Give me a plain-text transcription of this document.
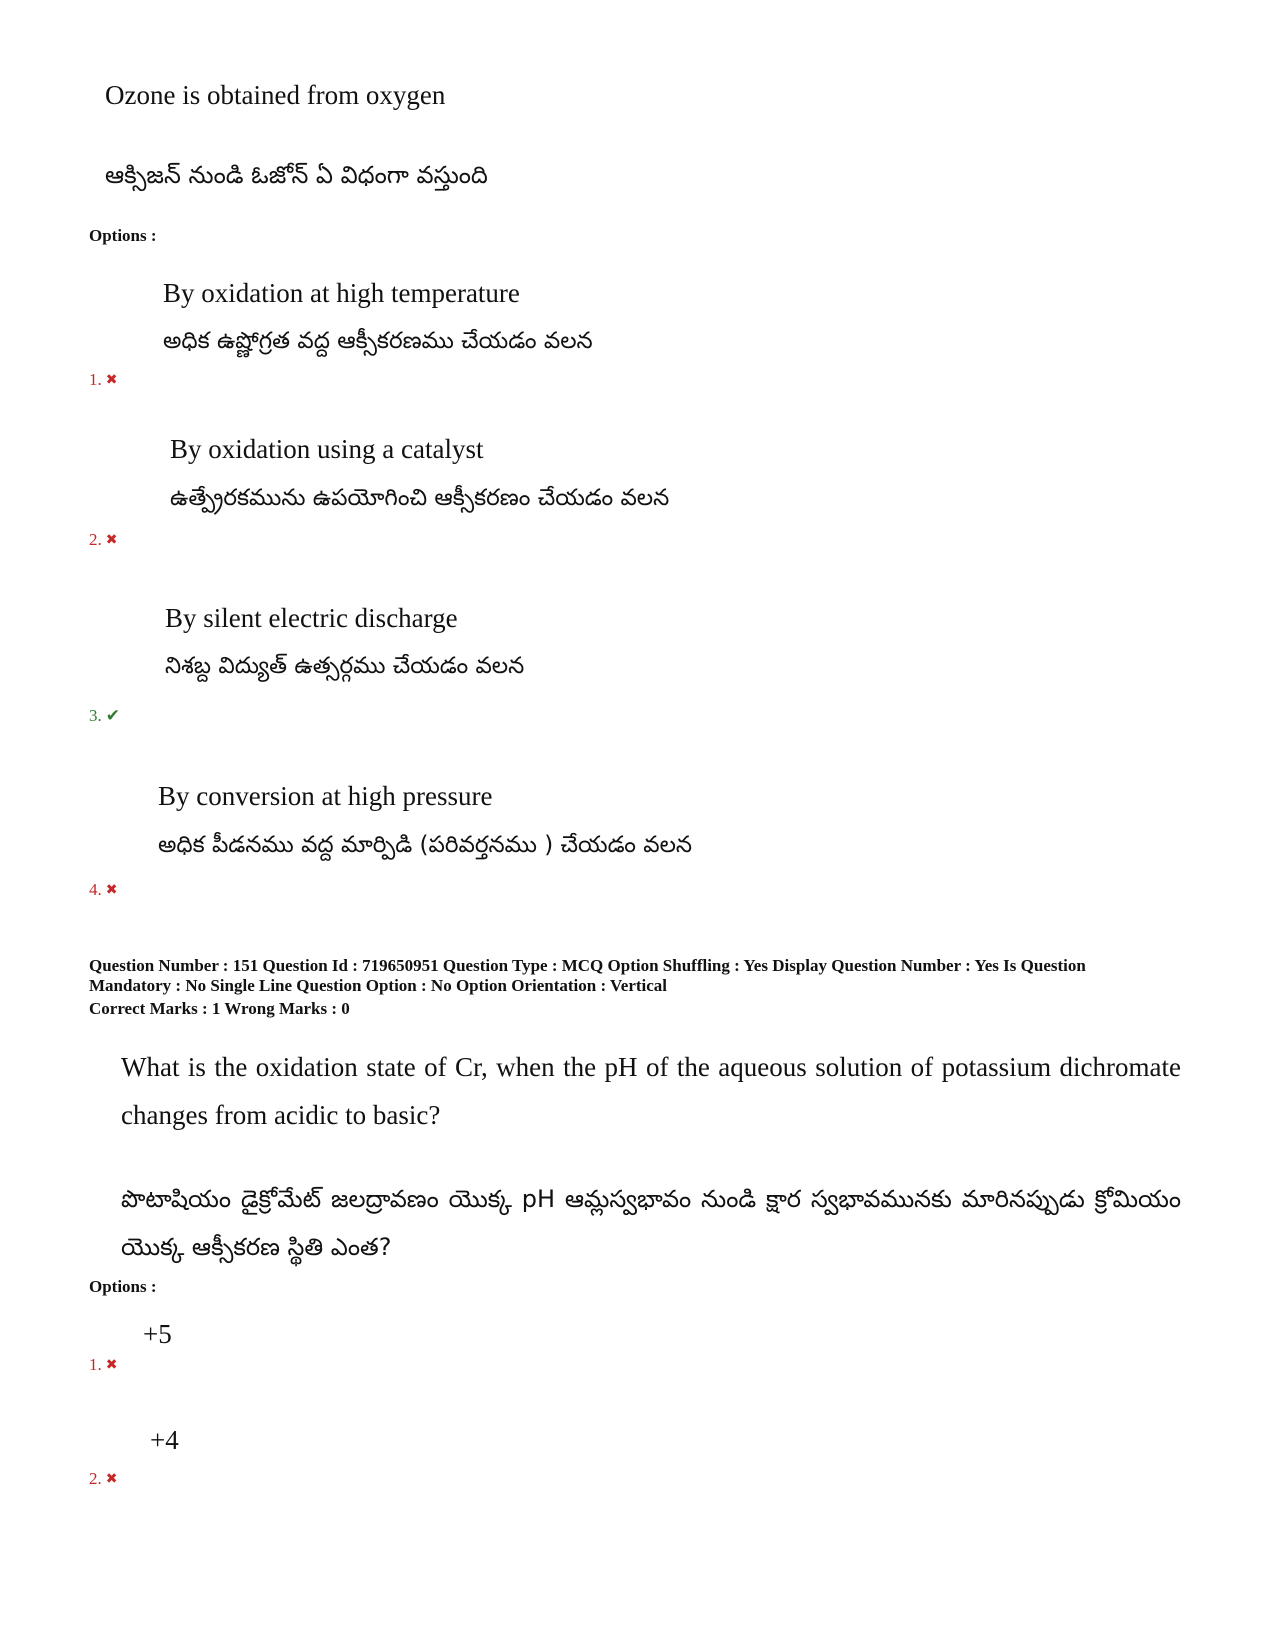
Ozone is obtained from oxygen
ఆక్సిజన్ నుండి ఓజోన్ ఏ విధంగా వస్తుంది
Options :
By oxidation at high temperature
అధిక ఉష్ణోగ్రత వద్ద ఆక్సీకరణము చేయడం వలన
1. ✖
By oxidation using a catalyst
ఉత్ప్రేరకమును ఉపయోగించి ఆక్సీకరణం చేయడం వలన
2. ✖
By silent electric discharge
నిశబ్ద విద్యుత్ ఉత్సర్గము చేయడం వలన
3. ✔
By conversion at high pressure
అధిక పీడనము వద్ద మార్పిడి (పరివర్తనము ) చేయడం వలన
4. ✖
Question Number : 151 Question Id : 719650951 Question Type : MCQ Option Shuffling : Yes Display Question Number : Yes Is Question
Mandatory : No Single Line Question Option : No Option Orientation : Vertical
Correct Marks : 1 Wrong Marks : 0
What is the oxidation state of Cr, when the pH of the aqueous solution of potassium dichromate changes from acidic to basic?
పొటాషియం డైక్రోమేట్ జలద్రావణం యొక్క pH ఆమ్లస్వభావం నుండి క్షార స్వభావమునకు మారినప్పుడు క్రోమియం యొక్క ఆక్సీకరణ స్థితి ఎంత?
Options :
+5
1. ✖
+4
2. ✖
